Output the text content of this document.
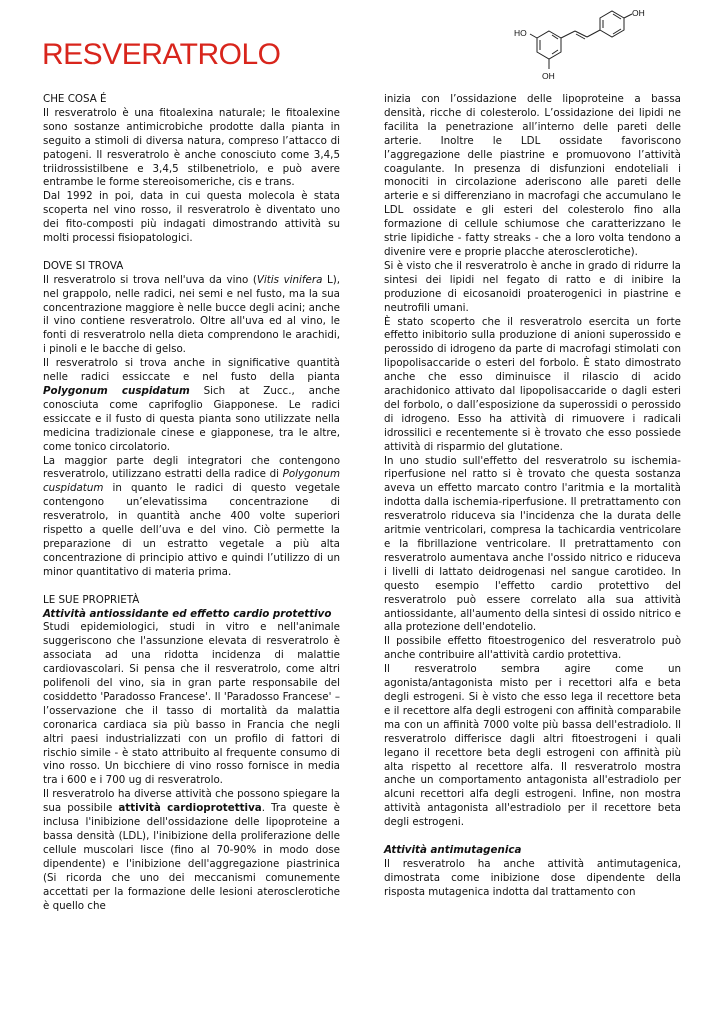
RESVERATROLO
OH
HO
OH

CHE COSA É

Il resveratrolo è una fitoalexina naturale; le fitoalexine sono sostanze antimicrobiche prodotte dalla pianta in seguito a stimoli di diversa natura, compreso l’attacco di patogeni. Il resveratrolo è anche conosciuto come 3,4,5 triidrossistilbene e 3,4,5 stilbenetriolo, e può avere entrambe le forme stereoisomeriche, cis e trans.

Dal 1992 in poi, data in cui questa molecola è stata scoperta nel vino rosso, il resveratrolo è diventato uno dei fito-composti più indagati dimostrando attività su molti processi fisiopatologici.

DOVE SI TROVA

Il resveratrolo si trova nell'uva da vino (Vitis vinifera L), nel grappolo, nelle radici, nei semi e nel fusto, ma la sua concentrazione maggiore è nelle bucce degli acini; anche il vino contiene resveratrolo. Oltre all'uva ed al vino, le fonti di resveratrolo nella dieta comprendono le arachidi, i pinoli e le bacche di gelso.

Il resveratrolo si trova anche in significative quantità nelle radici essiccate e nel fusto della pianta Polygonum cuspidatum Sich at Zucc., anche conosciuta come caprifoglio Giapponese. Le radici essiccate e il fusto di questa pianta sono utilizzate nella medicina tradizionale cinese e giapponese, tra le altre, come tonico circolatorio.

La maggior parte degli integratori che contengono resveratrolo, utilizzano estratti della radice di Polygonum cuspidatum in quanto le radici di questo vegetale contengono un’elevatissima concentrazione di resveratrolo, in quantità anche 400 volte superiori rispetto a quelle dell’uva e del vino. Ciò permette la preparazione di un estratto vegetale a più alta concentrazione di principio attivo e quindi l’utilizzo di un minor quantitativo di materia prima.

LE SUE PROPRIETÀ

Attività antiossidante ed effetto cardio protettivo

Studi epidemiologici, studi in vitro e nell'animale suggeriscono che l'assunzione elevata di resveratrolo è associata ad una ridotta incidenza di malattie cardiovascolari. Si pensa che il resveratrolo, come altri polifenoli del vino, sia in gran parte responsabile del cosiddetto 'Paradosso Francese'. Il 'Paradosso Francese' – l’osservazione che il tasso di mortalità da malattia coronarica cardiaca sia più basso in Francia che negli altri paesi industrializzati con un profilo di fattori di rischio simile - è stato attribuito al frequente consumo di vino rosso. Un bicchiere di vino rosso fornisce in media tra i 600 e i 700 ug di resveratrolo.

Il resveratrolo ha diverse attività che possono spiegare la sua possibile attività cardioprotettiva. Tra queste è inclusa l'inibizione dell'ossidazione delle lipoproteine a bassa densità (LDL), l'inibizione della proliferazione delle cellule muscolari lisce (fino al 70-90% in modo dose dipendente) e l'inibizione dell'aggregazione piastrinica (Si ricorda che uno dei meccanismi comunemente accettati per la formazione delle lesioni aterosclerotiche è quello che

inizia con l’ossidazione delle lipoproteine a bassa densità, ricche di colesterolo. L’ossidazione dei lipidi ne facilita la penetrazione all’interno delle pareti delle arterie. Inoltre le LDL ossidate favoriscono l’aggregazione delle piastrine e promuovono l’attività coagulante. In presenza di disfunzioni endoteliali i monociti in circolazione aderiscono alle pareti delle arterie e si differenziano in macrofagi che accumulano le LDL ossidate e gli esteri del colesterolo fino alla formazione di cellule schiumose che caratterizzano le strie lipidiche - fatty streaks - che a loro volta tendono a divenire vere e proprie placche aterosclerotiche).

Si è visto che il resveratrolo è anche in grado di ridurre la sintesi dei lipidi nel fegato di ratto e di inibire la produzione di eicosanoidi proaterogenici in piastrine e neutrofili umani.

È stato scoperto che il resveratrolo esercita un forte effetto inibitorio sulla produzione di anioni superossido e perossido di idrogeno da parte di macrofagi stimolati con lipopolisaccaride o esteri del forbolo. È stato dimostrato anche che esso diminuisce il rilascio di acido arachidonico attivato dal lipopolisaccaride o dagli esteri del forbolo, o dall’esposizione da superossidi o perossido di idrogeno. Esso ha attività di rimuovere i radicali idrossilici e recentemente si è trovato che esso possiede attività di risparmio del glutatione.

In uno studio sull'effetto del resveratrolo su ischemia-riperfusione nel ratto si è trovato che questa sostanza aveva un effetto marcato contro l'aritmia e la mortalità indotta dalla ischemia-riperfusione. Il pretrattamento con resveratrolo riduceva sia l'incidenza che la durata delle aritmie ventricolari, compresa la tachicardia ventricolare e la fibrillazione ventricolare. Il pretrattamento con resveratrolo aumentava anche l'ossido nitrico e riduceva i livelli di lattato deidrogenasi nel sangue carotideo. In questo esempio l'effetto cardio protettivo del resveratrolo può essere correlato alla sua attività antiossidante, all'aumento della sintesi di ossido nitrico e alla protezione dell'endotelio.

Il possibile effetto fitoestrogenico del resveratrolo può anche contribuire all'attività cardio protettiva.

Il resveratrolo sembra agire come un agonista/antagonista misto per i recettori alfa e beta degli estrogeni. Si è visto che esso lega il recettore beta e il recettore alfa degli estrogeni con affinità comparabile ma con un affinità 7000 volte più bassa dell'estradiolo. Il resveratrolo differisce dagli altri fitoestrogeni i quali legano il recettore beta degli estrogeni con affinità più alta rispetto al recettore alfa. Il resveratrolo mostra anche un comportamento antagonista all'estradiolo per alcuni recettori alfa degli estrogeni. Infine, non mostra attività antagonista all'estradiolo per il recettore beta degli estrogeni.

Attività antimutagenica

Il resveratrolo ha anche attività antimutagenica, dimostrata come inibizione dose dipendente della risposta mutagenica indotta dal trattamento con
